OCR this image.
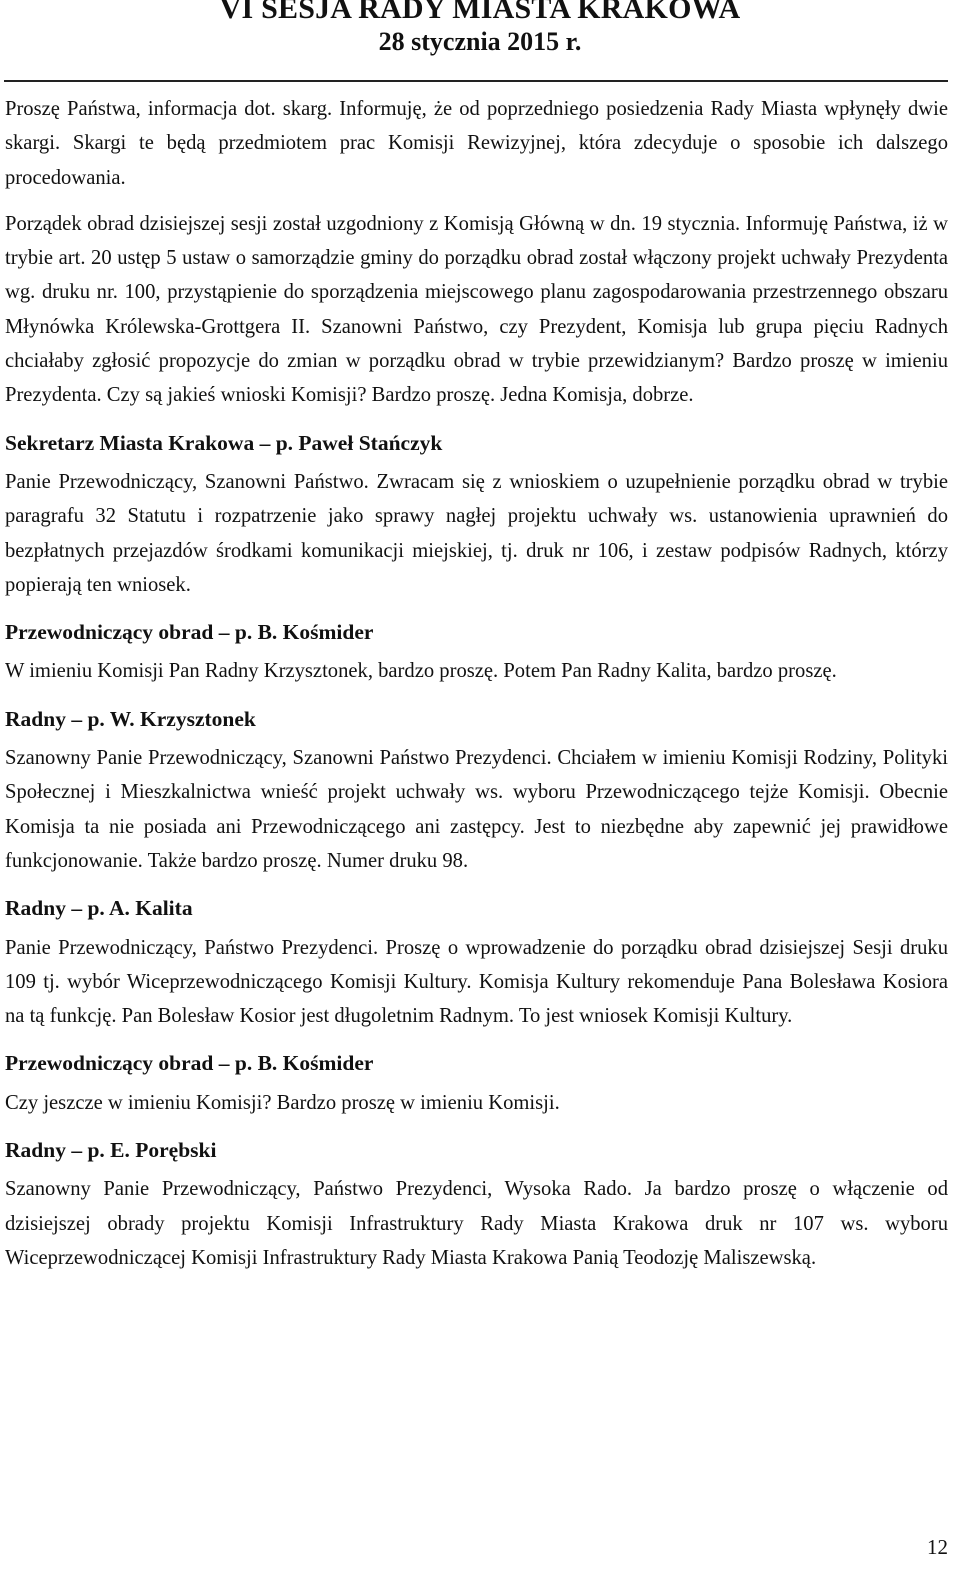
VI SESJA RADY MIASTA KRAKOWA
28 stycznia 2015 r.

Proszę Państwa, informacja dot. skarg. Informuję, że od poprzedniego posiedzenia Rady Miasta wpłynęły dwie skargi. Skargi te będą przedmiotem prac Komisji Rewizyjnej, która zdecyduje o sposobie ich dalszego procedowania.

Porządek obrad dzisiejszej sesji został uzgodniony z Komisją Główną w dn. 19 stycznia. Informuję Państwa, iż w trybie art. 20 ustęp 5 ustaw o samorządzie gminy do porządku obrad został włączony projekt uchwały Prezydenta wg. druku nr. 100, przystąpienie do sporządzenia miejscowego planu zagospodarowania przestrzennego obszaru Młynówka Królewska-Grottgera II. Szanowni Państwo, czy Prezydent, Komisja lub grupa pięciu Radnych chciałaby zgłosić propozycje do zmian w porządku obrad w trybie przewidzianym? Bardzo proszę w imieniu Prezydenta. Czy są jakieś wnioski Komisji? Bardzo proszę. Jedna Komisja, dobrze.

Sekretarz Miasta Krakowa – p. Paweł Stańczyk

Panie Przewodniczący, Szanowni Państwo. Zwracam się z wnioskiem o uzupełnienie porządku obrad w trybie paragrafu 32 Statutu i rozpatrzenie jako sprawy nagłej projektu uchwały ws. ustanowienia uprawnień do bezpłatnych przejazdów środkami komunikacji miejskiej, tj. druk nr 106, i zestaw podpisów Radnych, którzy popierają ten wniosek.

Przewodniczący obrad – p. B. Kośmider

W imieniu Komisji Pan Radny Krzysztonek, bardzo proszę. Potem Pan Radny Kalita, bardzo proszę.

Radny – p. W. Krzysztonek

Szanowny Panie Przewodniczący, Szanowni Państwo Prezydenci. Chciałem w imieniu Komisji Rodziny, Polityki Społecznej i Mieszkalnictwa wnieść projekt uchwały ws. wyboru Przewodniczącego tejże Komisji. Obecnie Komisja ta nie posiada ani Przewodniczącego ani zastępcy. Jest to niezbędne aby zapewnić jej prawidłowe funkcjonowanie. Także bardzo proszę. Numer druku 98.

Radny – p. A. Kalita

Panie Przewodniczący, Państwo Prezydenci. Proszę o wprowadzenie do porządku obrad dzisiejszej Sesji druku 109 tj. wybór Wiceprzewodniczącego Komisji Kultury. Komisja Kultury rekomenduje Pana Bolesława Kosiora na tą funkcję. Pan Bolesław Kosior jest długoletnim Radnym. To jest wniosek Komisji Kultury.

Przewodniczący obrad – p. B. Kośmider

Czy jeszcze w imieniu Komisji? Bardzo proszę w imieniu Komisji.

Radny – p. E. Porębski

Szanowny Panie Przewodniczący, Państwo Prezydenci, Wysoka Rado. Ja bardzo proszę o włączenie od dzisiejszej obrady projektu Komisji Infrastruktury Rady Miasta Krakowa druk nr 107 ws. wyboru Wiceprzewodniczącej Komisji Infrastruktury Rady Miasta Krakowa Panią Teodozję Maliszewską.

12
